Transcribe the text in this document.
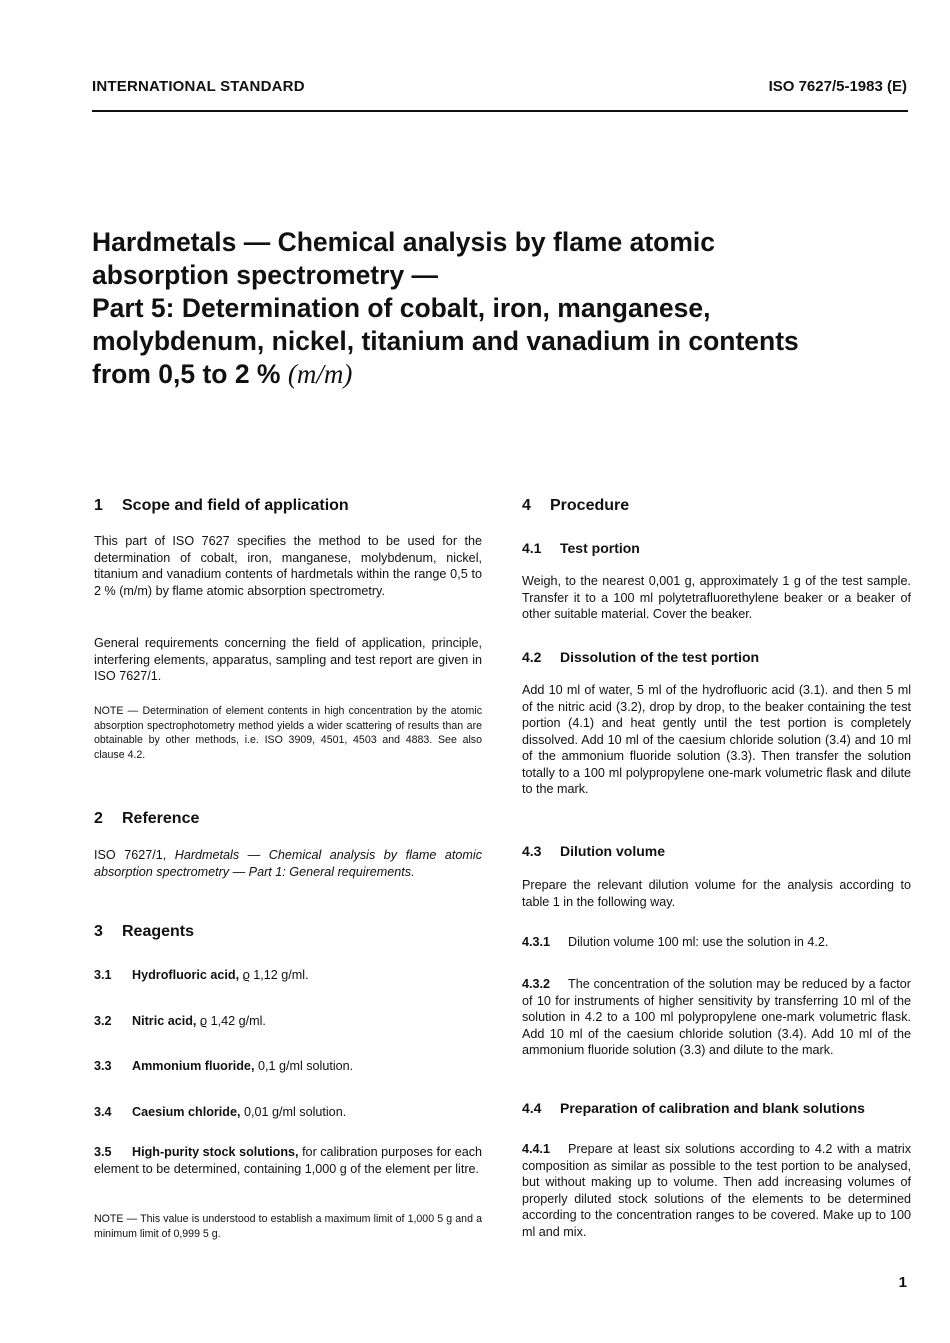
INTERNATIONAL STANDARD	ISO 7627/5-1983 (E)
Hardmetals — Chemical analysis by flame atomic
absorption spectrometry —
Part 5: Determination of cobalt, iron, manganese,
molybdenum, nickel, titanium and vanadium in contents
from 0,5 to 2 % (m/m)
1 Scope and field of application

This part of ISO 7627 specifies the method to be used for the determination of cobalt, iron, manganese, molybdenum, nickel, titanium and vanadium contents of hardmetals within the range 0,5 to 2 % (m/m) by flame atomic absorption spectrometry.

General requirements concerning the field of application, principle, interfering elements, apparatus, sampling and test report are given in ISO 7627/1.

NOTE — Determination of element contents in high concentration by the atomic absorption spectrophotometry method yields a wider scattering of results than are obtainable by other methods, i.e. ISO 3909, 4501, 4503 and 4883. See also clause 4.2.

2 Reference

ISO 7627/1, Hardmetals — Chemical analysis by flame atomic absorption spectrometry — Part 1: General requirements.

3 Reagents

3.1 Hydrofluoric acid, ϱ 1,12 g/ml.

3.2 Nitric acid, ϱ 1,42 g/ml.

3.3 Ammonium fluoride, 0,1 g/ml solution.

3.4 Caesium chloride, 0,01 g/ml solution.

3.5 High-purity stock solutions, for calibration purposes for each element to be determined, containing 1,000 g of the element per litre.

NOTE — This value is understood to establish a maximum limit of 1,000 5 g and a minimum limit of 0,999 5 g.

4 Procedure
4.1 Test portion

Weigh, to the nearest 0,001 g, approximately 1 g of the test sample. Transfer it to a 100 ml polytetrafluorethylene beaker or a beaker of other suitable material. Cover the beaker.

4.2 Dissolution of the test portion

Add 10 ml of water, 5 ml of the hydrofluoric acid (3.1). and then 5 ml of the nitric acid (3.2), drop by drop, to the beaker containing the test portion (4.1) and heat gently until the test portion is completely dissolved. Add 10 ml of the caesium chloride solution (3.4) and 10 ml of the ammonium fluoride solution (3.3). Then transfer the solution totally to a 100 ml polypropylene one-mark volumetric flask and dilute to the mark.

4.3 Dilution volume

Prepare the relevant dilution volume for the analysis according to table 1 in the following way.

4.3.1 Dilution volume 100 ml: use the solution in 4.2.

4.3.2 The concentration of the solution may be reduced by a factor of 10 for instruments of higher sensitivity by transferring 10 ml of the solution in 4.2 to a 100 ml polypropylene one-mark volumetric flask. Add 10 ml of the caesium chloride solution (3.4). Add 10 ml of the ammonium fluoride solution (3.3) and dilute to the mark.

4.4 Preparation of calibration and blank solutions

4.4.1 Prepare at least six solutions according to 4.2 with a matrix composition as similar as possible to the test portion to be analysed, but without making up to volume. Then add increasing volumes of properly diluted stock solutions of the elements to be determined according to the concentration ranges to be covered. Make up to 100 ml and mix.

1
